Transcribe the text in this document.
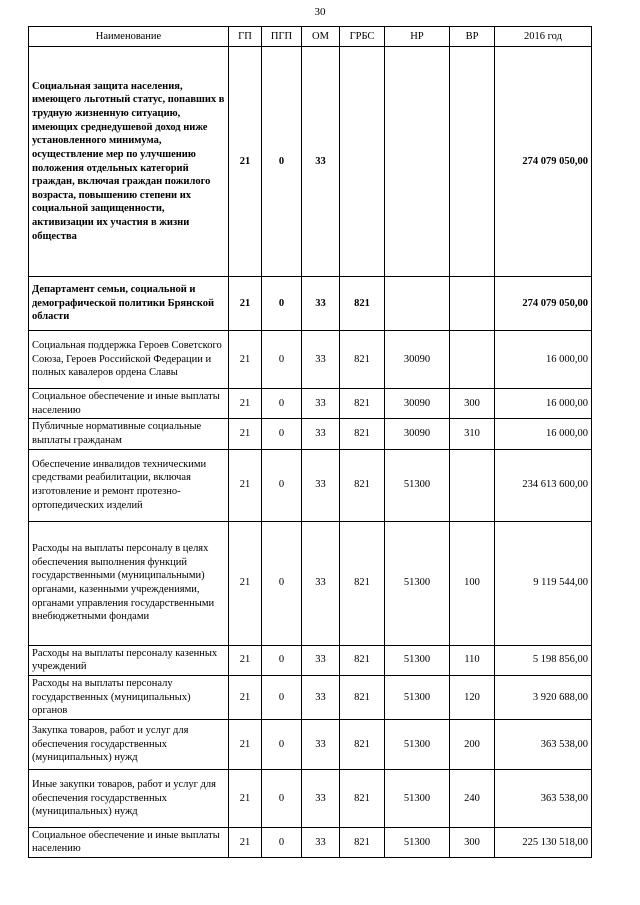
30
Наименование	ГП	ПГП	ОМ	ГРБС	НР	ВР	2016 год
Социальная защита населения, имеющего льготный статус, попавших в трудную жизненную ситуацию, имеющих среднедушевой доход ниже установленного минимума, осуществление мер по улучшению положения отдельных категорий граждан, включая граждан пожилого возраста, повышению степени их социальной защищенности, активизации их участия в жизни общества	21	0	33				274 079 050,00
Департамент семьи, социальной и демографической политики Брянской области	21	0	33	821			274 079 050,00
Социальная поддержка Героев Советского Союза, Героев Российской Федерации и полных кавалеров ордена Славы	21	0	33	821	30090		16 000,00
Социальное обеспечение и иные выплаты населению	21	0	33	821	30090	300	16 000,00
Публичные нормативные социальные выплаты гражданам	21	0	33	821	30090	310	16 000,00
Обеспечение инвалидов техническими средствами реабилитации, включая изготовление и ремонт протезно-ортопедических изделий	21	0	33	821	51300		234 613 600,00
Расходы на выплаты персоналу в целях обеспечения выполнения функций государственными (муниципальными) органами, казенными учреждениями, органами управления государственными внебюджетными фондами	21	0	33	821	51300	100	9 119 544,00
Расходы на выплаты персоналу казенных учреждений	21	0	33	821	51300	110	5 198 856,00
Расходы на выплаты персоналу государственных (муниципальных) органов	21	0	33	821	51300	120	3 920 688,00
Закупка товаров, работ и услуг для обеспечения государственных (муниципальных) нужд	21	0	33	821	51300	200	363 538,00
Иные закупки товаров, работ и услуг для обеспечения государственных (муниципальных) нужд	21	0	33	821	51300	240	363 538,00
Социальное обеспечение и иные выплаты населению	21	0	33	821	51300	300	225 130 518,00
